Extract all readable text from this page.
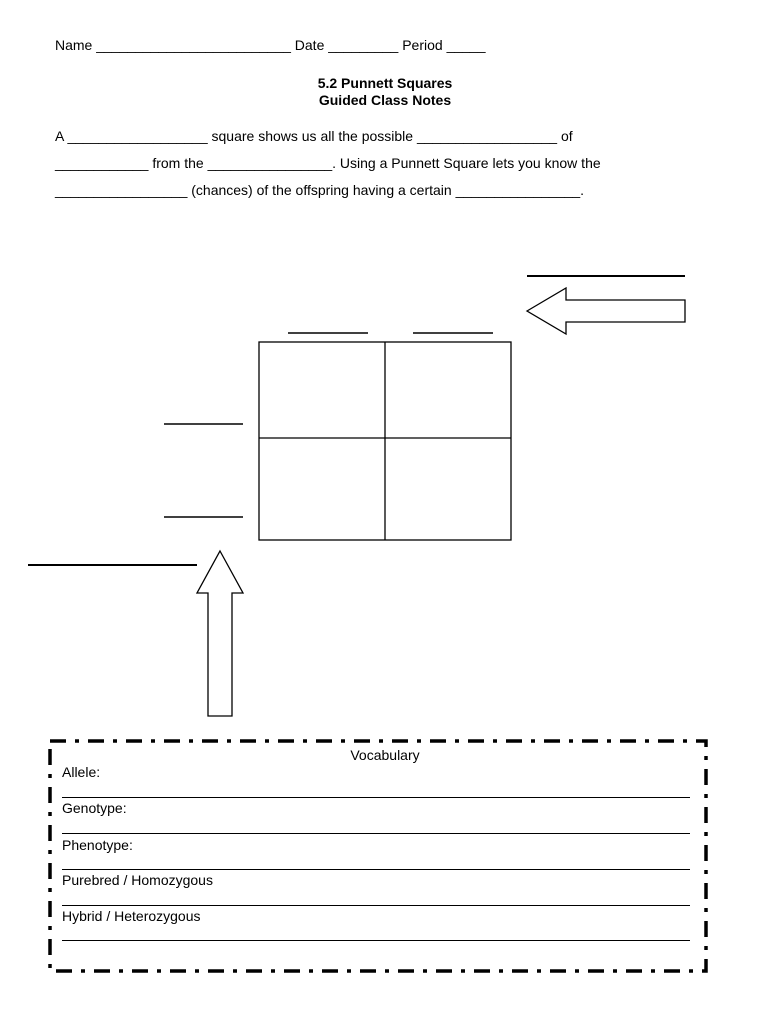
Name _________________________ Date _________ Period _____
5.2 Punnett Squares
Guided Class Notes
A __________________ square shows us all the possible __________________ of
____________ from the ________________. Using a Punnett Square lets you know the
_________________ (chances) of the offspring having a certain ________________.
Vocabulary
Allele:
Genotype:
Phenotype:
Purebred / Homozygous
Hybrid / Heterozygous
